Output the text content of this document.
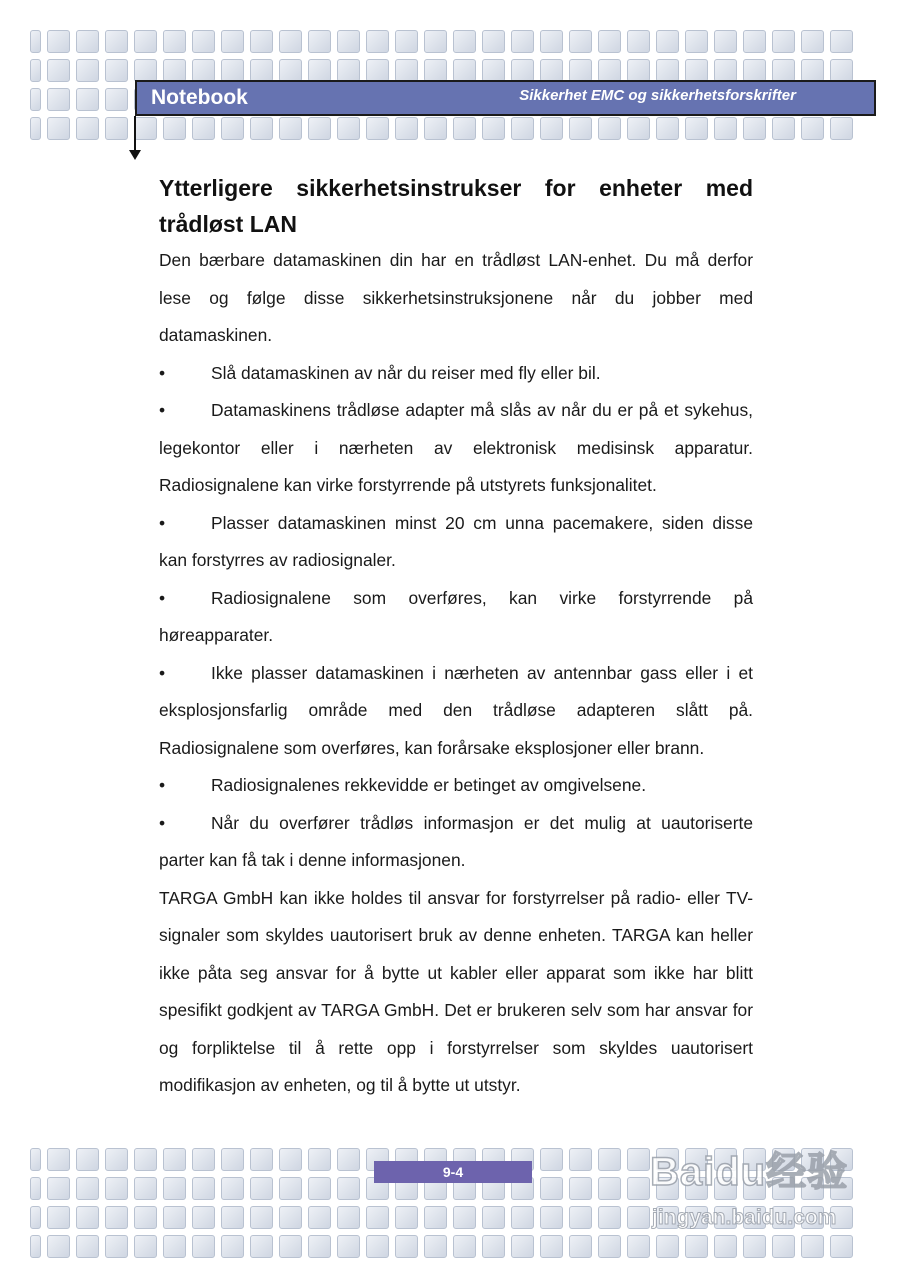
Notebook	Sikkerhet EMC og sikkerhetsforskrifter
Ytterligere sikkerhetsinstrukser for enheter med trådløst LAN

Den bærbare datamaskinen din har en trådløst LAN-enhet. Du må derfor lese og følge disse sikkerhetsinstruksjonene når du jobber med datamaskinen.

•	Slå datamaskinen av når du reiser med fly eller bil.

•	Datamaskinens trådløse adapter må slås av når du er på et sykehus, legekontor eller i nærheten av elektronisk medisinsk apparatur. Radiosignalene kan virke forstyrrende på utstyrets funksjonalitet.

•	Plasser datamaskinen minst 20 cm unna pacemakere, siden disse kan forstyrres av radiosignaler.

•	Radiosignalene som overføres, kan virke forstyrrende på høreapparater.

•	Ikke plasser datamaskinen i nærheten av antennbar gass eller i et eksplosjonsfarlig område med den trådløse adapteren slått på. Radiosignalene som overføres, kan forårsake eksplosjoner eller brann.

•	Radiosignalenes rekkevidde er betinget av omgivelsene.

•	Når du overfører trådløs informasjon er det mulig at uautoriserte parter kan få tak i denne informasjonen.

TARGA GmbH kan ikke holdes til ansvar for forstyrrelser på radio- eller TV-signaler som skyldes uautorisert bruk av denne enheten. TARGA kan heller ikke påta seg ansvar for å bytte ut kabler eller apparat som ikke har blitt spesifikt godkjent av TARGA GmbH. Det er brukeren selv som har ansvar for og forpliktelse til å rette opp i forstyrrelser som skyldes uautorisert modifikasjon av enheten, og til å bytte ut utstyr.

9-4	Baidu经验
jingyan.baidu.com
